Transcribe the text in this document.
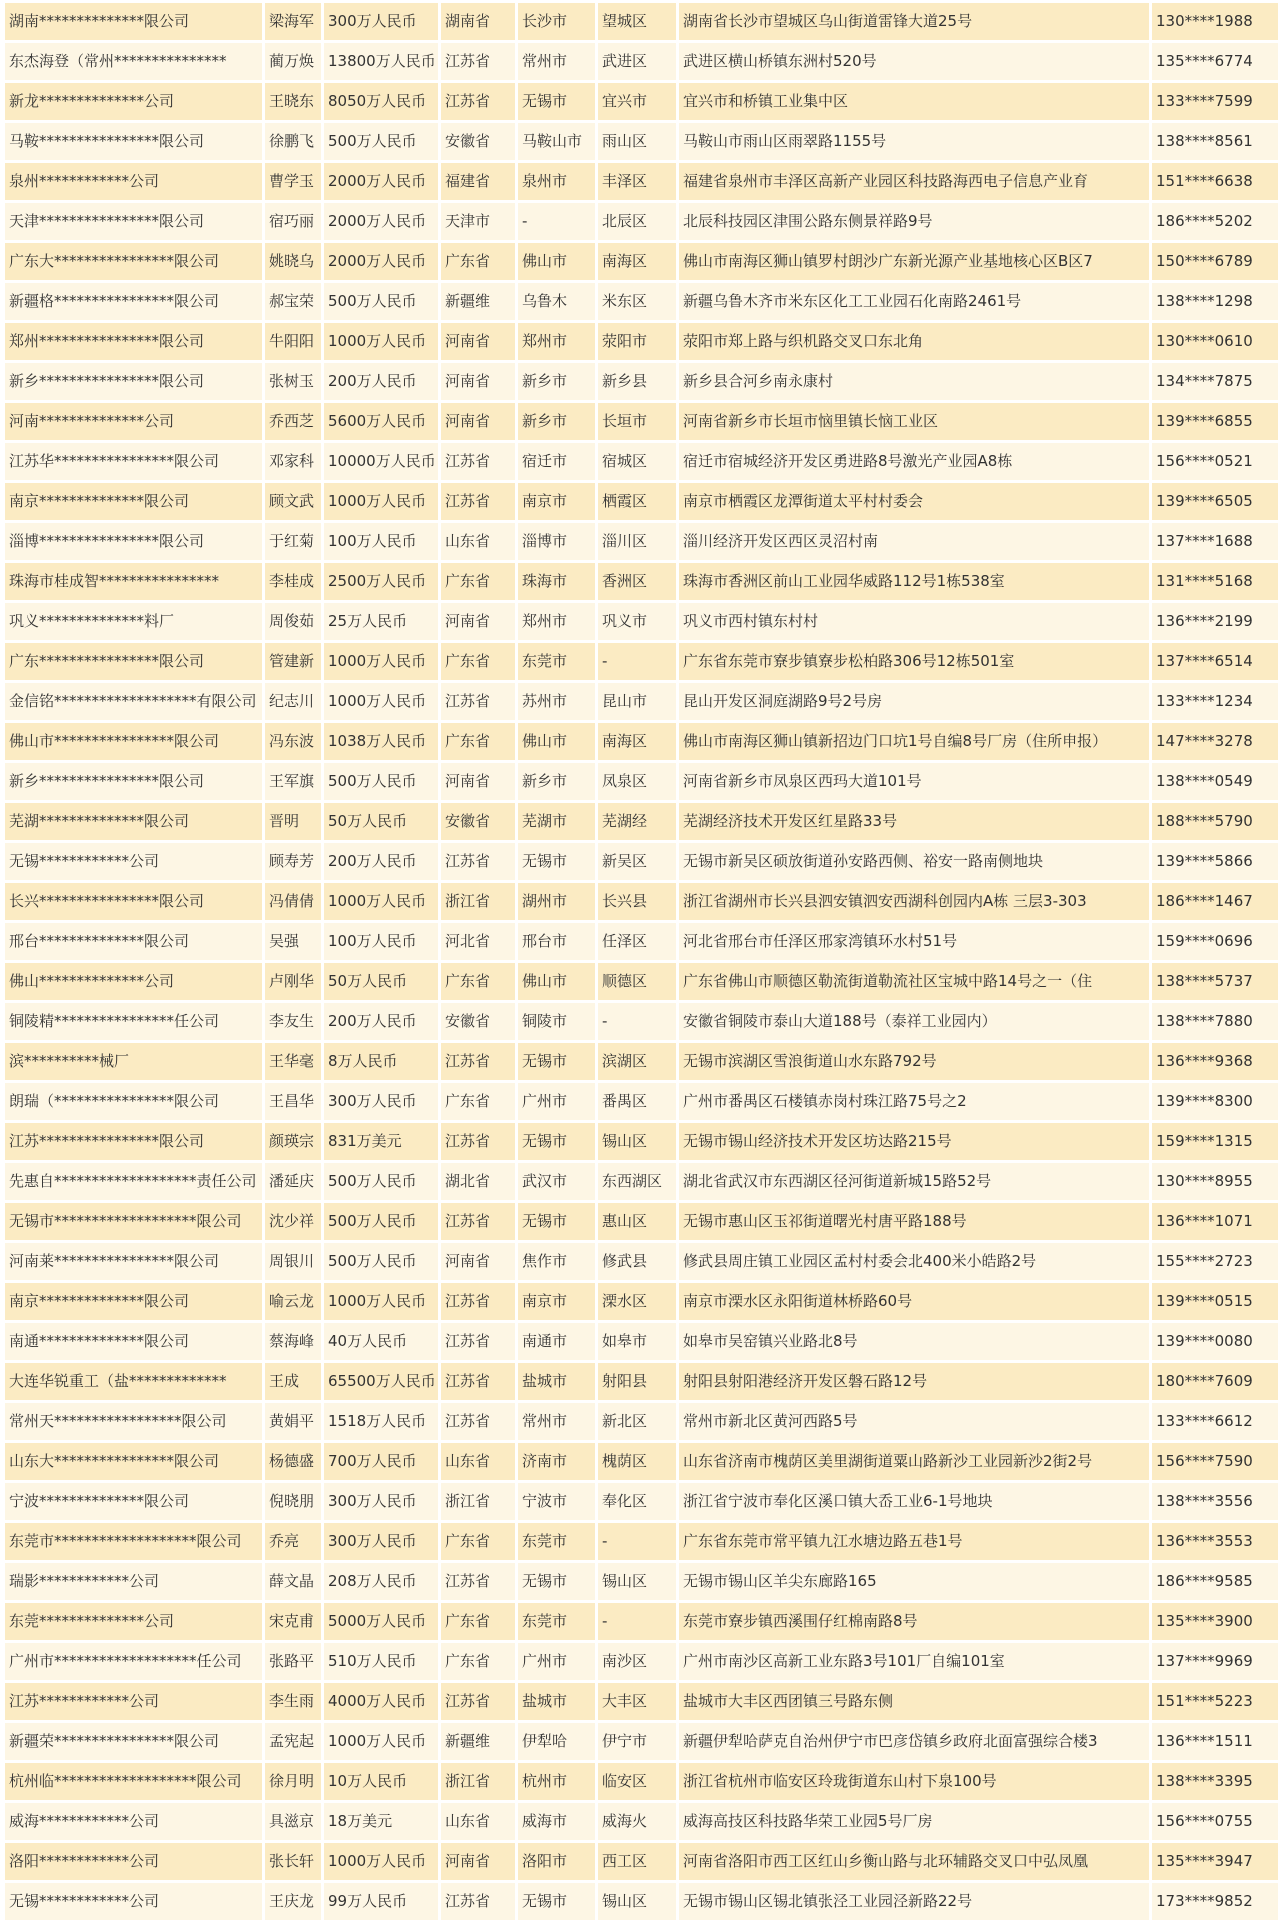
湖南**************限公司	梁海军	300万人民币	湖南省	长沙市	望城区	湖南省长沙市望城区乌山街道雷锋大道25号	130****1988
东杰海登（常州***************	蔺万焕	13800万人民币	江苏省	常州市	武进区	武进区横山桥镇东洲村520号	135****6774
新龙**************公司	王晓东	8050万人民币	江苏省	无锡市	宜兴市	宜兴市和桥镇工业集中区	133****7599
马鞍****************限公司	徐鹏飞	500万人民币	安徽省	马鞍山市	雨山区	马鞍山市雨山区雨翠路1155号	138****8561
泉州************公司	曹学玉	2000万人民币	福建省	泉州市	丰泽区	福建省泉州市丰泽区高新产业园区科技路海西电子信息产业育	151****6638
天津****************限公司	宿巧丽	2000万人民币	天津市	-	北辰区	北辰科技园区津围公路东侧景祥路9号	186****5202
广东大****************限公司	姚晓乌	2000万人民币	广东省	佛山市	南海区	佛山市南海区狮山镇罗村朗沙广东新光源产业基地核心区B区7	150****6789
新疆格****************限公司	郝宝荣	500万人民币	新疆维	乌鲁木	米东区	新疆乌鲁木齐市米东区化工工业园石化南路2461号	138****1298
郑州****************限公司	牛阳阳	1000万人民币	河南省	郑州市	荥阳市	荥阳市郑上路与织机路交叉口东北角	130****0610
新乡****************限公司	张树玉	200万人民币	河南省	新乡市	新乡县	新乡县合河乡南永康村	134****7875
河南**************公司	乔西芝	5600万人民币	河南省	新乡市	长垣市	河南省新乡市长垣市恼里镇长恼工业区	139****6855
江苏华****************限公司	邓家科	10000万人民币	江苏省	宿迁市	宿城区	宿迁市宿城经济开发区勇进路8号激光产业园A8栋	156****0521
南京**************限公司	顾文武	1000万人民币	江苏省	南京市	栖霞区	南京市栖霞区龙潭街道太平村村委会	139****6505
淄博****************限公司	于红菊	100万人民币	山东省	淄博市	淄川区	淄川经济开发区西区灵沼村南	137****1688
珠海市桂成智****************	李桂成	2500万人民币	广东省	珠海市	香洲区	珠海市香洲区前山工业园华威路112号1栋538室	131****5168
巩义**************料厂	周俊茹	25万人民币	河南省	郑州市	巩义市	巩义市西村镇东村村	136****2199
广东****************限公司	管建新	1000万人民币	广东省	东莞市	-	广东省东莞市寮步镇寮步松柏路306号12栋501室	137****6514
金信铭*******************有限公司	纪志川	1000万人民币	江苏省	苏州市	昆山市	昆山开发区洞庭湖路9号2号房	133****1234
佛山市****************限公司	冯东波	1038万人民币	广东省	佛山市	南海区	佛山市南海区狮山镇新招边门口坑1号自编8号厂房（住所申报）	147****3278
新乡****************限公司	王军旗	500万人民币	河南省	新乡市	凤泉区	河南省新乡市凤泉区西玛大道101号	138****0549
芜湖**************限公司	晋明	50万人民币	安徽省	芜湖市	芜湖经	芜湖经济技术开发区红星路33号	188****5790
无锡************公司	顾寿芳	200万人民币	江苏省	无锡市	新吴区	无锡市新吴区硕放街道孙安路西侧、裕安一路南侧地块	139****5866
长兴****************限公司	冯倩倩	1000万人民币	浙江省	湖州市	长兴县	浙江省湖州市长兴县泗安镇泗安西湖科创园内A栋 三层3-303	186****1467
邢台**************限公司	吴强	100万人民币	河北省	邢台市	任泽区	河北省邢台市任泽区邢家湾镇环水村51号	159****0696
佛山**************公司	卢刚华	50万人民币	广东省	佛山市	顺德区	广东省佛山市顺德区勒流街道勒流社区宝城中路14号之一（住	138****5737
铜陵精****************任公司	李友生	200万人民币	安徽省	铜陵市	-	安徽省铜陵市泰山大道188号（泰祥工业园内）	138****7880
滨**********械厂	王华毫	8万人民币	江苏省	无锡市	滨湖区	无锡市滨湖区雪浪街道山水东路792号	136****9368
朗瑞（****************限公司	王昌华	300万人民币	广东省	广州市	番禺区	广州市番禺区石楼镇赤岗村珠江路75号之2	139****8300
江苏****************限公司	颜瑛宗	831万美元	江苏省	无锡市	锡山区	无锡市锡山经济技术开发区坊达路215号	159****1315
先惠自*******************责任公司	潘延庆	500万人民币	湖北省	武汉市	东西湖区	湖北省武汉市东西湖区径河街道新城15路52号	130****8955
无锡市*******************限公司	沈少祥	500万人民币	江苏省	无锡市	惠山区	无锡市惠山区玉祁街道曙光村唐平路188号	136****1071
河南莱****************限公司	周银川	500万人民币	河南省	焦作市	修武县	修武县周庄镇工业园区孟村村委会北400米小皓路2号	155****2723
南京**************限公司	喻云龙	1000万人民币	江苏省	南京市	溧水区	南京市溧水区永阳街道林桥路60号	139****0515
南通**************限公司	蔡海峰	40万人民币	江苏省	南通市	如皋市	如皋市吴窑镇兴业路北8号	139****0080
大连华锐重工（盐*************	王成	65500万人民币	江苏省	盐城市	射阳县	射阳县射阳港经济开发区磐石路12号	180****7609
常州天*****************限公司	黄娟平	1518万人民币	江苏省	常州市	新北区	常州市新北区黄河西路5号	133****6612
山东大****************限公司	杨德盛	700万人民币	山东省	济南市	槐荫区	山东省济南市槐荫区美里湖街道粟山路新沙工业园新沙2街2号	156****7590
宁波**************限公司	倪晓朋	300万人民币	浙江省	宁波市	奉化区	浙江省宁波市奉化区溪口镇大岙工业6-1号地块	138****3556
东莞市*******************限公司	乔亮	300万人民币	广东省	东莞市	-	广东省东莞市常平镇九江水塘边路五巷1号	136****3553
瑞影************公司	薛文晶	208万人民币	江苏省	无锡市	锡山区	无锡市锡山区羊尖东廊路165	186****9585
东莞**************公司	宋克甫	5000万人民币	广东省	东莞市	-	东莞市寮步镇西溪围仔红棉南路8号	135****3900
广州市*******************任公司	张路平	510万人民币	广东省	广州市	南沙区	广州市南沙区高新工业东路3号101厂自编101室	137****9969
江苏************公司	李生雨	4000万人民币	江苏省	盐城市	大丰区	盐城市大丰区西团镇三号路东侧	151****5223
新疆荣****************限公司	孟宪起	1000万人民币	新疆维	伊犁哈	伊宁市	新疆伊犁哈萨克自治州伊宁市巴彦岱镇乡政府北面富强综合楼3	136****1511
杭州临*******************限公司	徐月明	10万人民币	浙江省	杭州市	临安区	浙江省杭州市临安区玲珑街道东山村下泉100号	138****3395
威海************公司	具滋京	18万美元	山东省	威海市	威海火	威海高技区科技路华荣工业园5号厂房	156****0755
洛阳************公司	张长轩	1000万人民币	河南省	洛阳市	西工区	河南省洛阳市西工区红山乡衡山路与北环辅路交叉口中弘凤凰	135****3947
无锡************公司	王庆龙	99万人民币	江苏省	无锡市	锡山区	无锡市锡山区锡北镇张泾工业园泾新路22号	173****9852
